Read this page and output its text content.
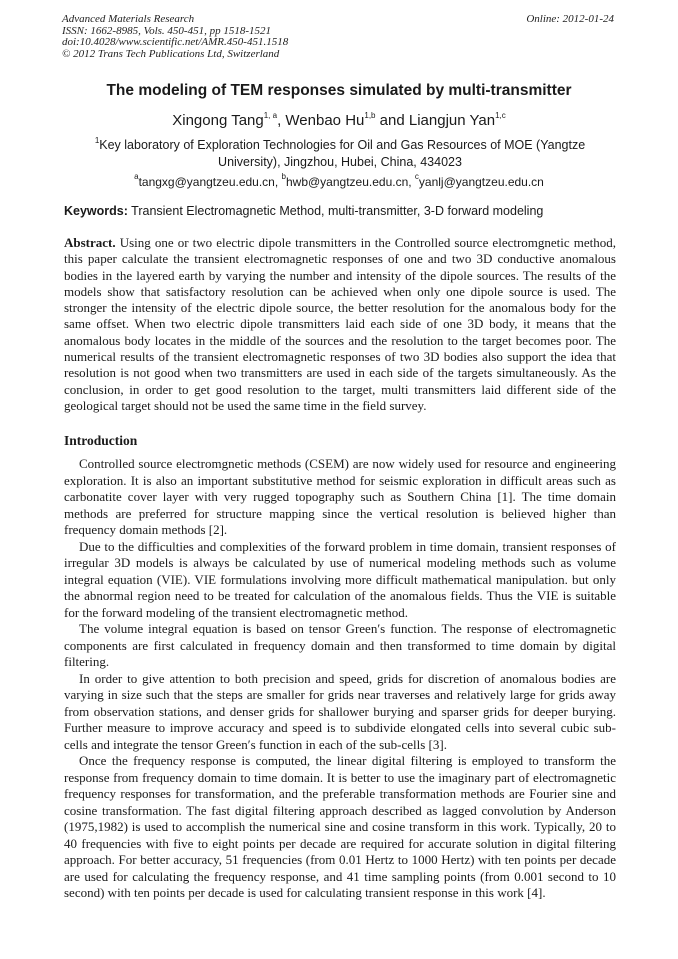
Advanced Materials Research
ISSN: 1662-8985, Vols. 450-451, pp 1518-1521
doi:10.4028/www.scientific.net/AMR.450-451.1518
© 2012 Trans Tech Publications Ltd, Switzerland
Online: 2012-01-24
The modeling of TEM responses simulated by multi-transmitter
Xingong Tang$^{1, a}$, Wenbao Hu$^{1,b}$ and Liangjun Yan$^{1,c}$
$^1$Key laboratory of Exploration Technologies for Oil and Gas Resources of MOE (Yangtze University), Jingzhou, Hubei, China, 434023
$^a$tangxg@yangtzeu.edu.cn, $^b$hwb@yangtzeu.edu.cn, $^c$yanlj@yangtzeu.edu.cn
Keywords: Transient Electromagnetic Method, multi-transmitter, 3-D forward modeling
Abstract. Using one or two electric dipole transmitters in the Controlled source electromgnetic method, this paper calculate the transient electromagnetic responses of one and two 3D conductive anomalous bodies in the layered earth by varying the number and intensity of the dipole sources. The results of the models show that satisfactory resolution can be achieved when only one dipole source is used. The stronger the intensity of the electric dipole source, the better resolution for the anomalous body for the same offset. When two electric dipole transmitters laid each side of one 3D body, it means that the anomalous body locates in the middle of the sources and the resolution to the target becomes poor. The numerical results of the transient electromagnetic responses of two 3D bodies also support the idea that resolution is not good when two transmitters are used in each side of the targets simultaneously. As the conclusion, in order to get good resolution to the target, multi transmitters laid different side of the geological target should not be used the same time in the field survey.
Introduction

Controlled source electromgnetic methods (CSEM) are now widely used for resource and engineering exploration. It is also an important substitutive method for seismic exploration in difficult areas such as carbonatite cover layer with very rugged topography such as Southern China [1]. The time domain methods are preferred for structure mapping since the vertical resolution is believed higher than frequency domain methods [2].

Due to the difficulties and complexities of the forward problem in time domain, transient responses of irregular 3D models is always be calculated by use of numerical modeling methods such as volume integral equation (VIE). VIE formulations involving more difficult mathematical manipulation. but only the abnormal region need to be treated for calculation of the anomalous fields. Thus the VIE is suitable for the forward modeling of the transient electromagnetic method.

The volume integral equation is based on tensor Green′s function. The response of electromagnetic components are first calculated in frequency domain and then transformed to time domain by digital filtering.

In order to give attention to both precision and speed, grids for discretion of anomalous bodies are varying in size such that the steps are smaller for grids near traverses and relatively large for grids away from observation stations, and denser grids for shallower burying and sparser grids for deeper burying. Further measure to improve accuracy and speed is to subdivide elongated cells into several cubic sub-cells and integrate the tensor Green′s function in each of the sub-cells [3].

Once the frequency response is computed, the linear digital filtering is employed to transform the response from frequency domain to time domain. It is better to use the imaginary part of electromagnetic frequency responses for transformation, and the preferable transformation methods are Fourier sine and cosine transformation. The fast digital filtering approach described as lagged convolution by Anderson (1975,1982) is used to accomplish the numerical sine and cosine transform in this work. Typically, 20 to 40 frequencies with five to eight points per decade are required for accurate solution in digital filtering approach. For better accuracy, 51 frequencies (from 0.01 Hertz to 1000 Hertz) with ten points per decade are used for calculating the frequency response, and 41 time sampling points (from 0.001 second to 10 second) with ten points per decade is used for calculating transient response in this work [4].
